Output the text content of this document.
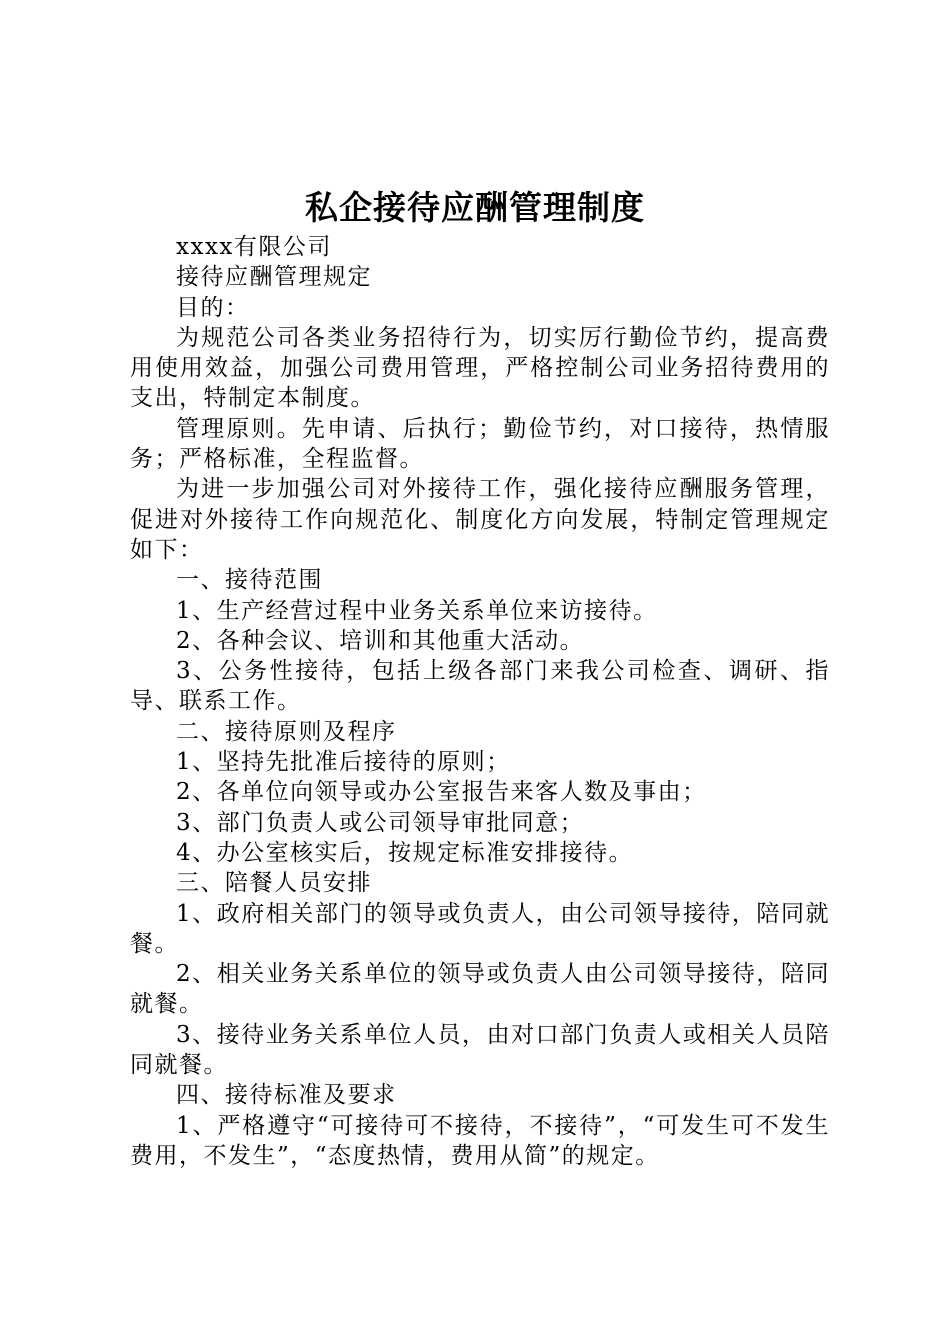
私企接待应酬管理制度

xxxx有限公司

接待应酬管理规定

目的：

为规范公司各类业务招待行为，切实厉行勤俭节约，提高费用使用效益，加强公司费用管理，严格控制公司业务招待费用的支出，特制定本制度。

管理原则。先申请、后执行；勤俭节约，对口接待，热情服务；严格标准，全程监督。

为进一步加强公司对外接待工作，强化接待应酬服务管理，促进对外接待工作向规范化、制度化方向发展，特制定管理规定如下：

一、接待范围

1、生产经营过程中业务关系单位来访接待。

2、各种会议、培训和其他重大活动。

3、公务性接待，包括上级各部门来我公司检查、调研、指导、联系工作。

二、接待原则及程序

1、坚持先批准后接待的原则；

2、各单位向领导或办公室报告来客人数及事由；

3、部门负责人或公司领导审批同意；

4、办公室核实后，按规定标准安排接待。

三、陪餐人员安排

1、政府相关部门的领导或负责人，由公司领导接待，陪同就餐。

2、相关业务关系单位的领导或负责人由公司领导接待，陪同就餐。

3、接待业务关系单位人员，由对口部门负责人或相关人员陪同就餐。

四、接待标准及要求

1、严格遵守“可接待可不接待，不接待”，“可发生可不发生费用，不发生”，“态度热情，费用从简”的规定。
